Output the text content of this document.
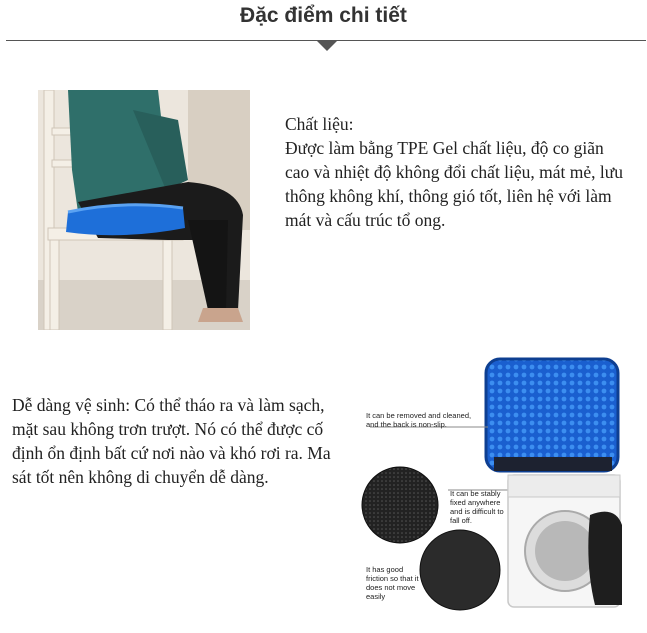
Đặc điểm chi tiết

Chất liệu:

Được làm bằng TPE Gel chất liệu, độ co giãn cao và nhiệt độ không đổi chất liệu, mát mẻ, lưu thông không khí, thông gió tốt, liên hệ với làm mát và cấu trúc tổ ong.

Dễ dàng vệ sinh: Có thể tháo ra và làm sạch, mặt sau không trơn trượt. Nó có thể được cố định ổn định bất cứ nơi nào và khó rơi ra. Ma sát tốt nên không di chuyển dễ dàng.

It can be removed and cleaned, and the back is non-slip.
It can be stably fixed anywhere and is difficult to fall off.
It has good friction so that it does not move easily
